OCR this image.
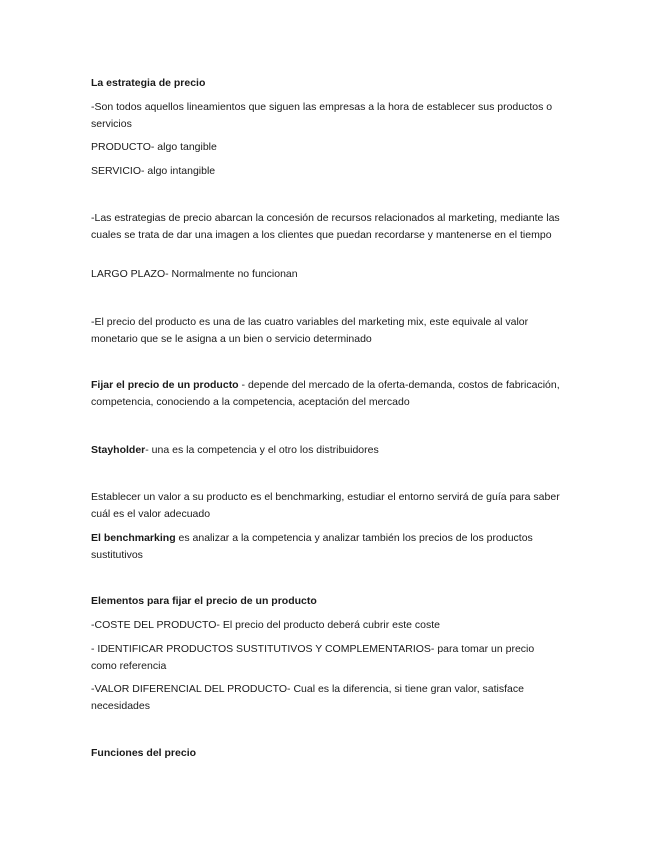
La estrategia de precio

-Son todos aquellos lineamientos que siguen las empresas a la hora de establecer sus productos o servicios

PRODUCTO- algo tangible

SERVICIO- algo intangible

-Las estrategias de precio abarcan la concesión de recursos relacionados al marketing, mediante las cuales se trata de dar una imagen a los clientes que puedan recordarse y mantenerse en el tiempo

LARGO PLAZO- Normalmente no funcionan

-El precio del producto es una de las cuatro variables del marketing mix, este equivale al valor monetario que se le asigna a un bien o servicio determinado

Fijar el precio de un producto - depende del mercado de la oferta-demanda, costos de fabricación, competencia, conociendo a la competencia, aceptación del mercado

Stayholder- una es la competencia y el otro los distribuidores

Establecer un valor a su producto es el benchmarking, estudiar el entorno servirá de guía para saber cuál es el valor adecuado

El benchmarking es analizar a la competencia y analizar también los precios de los productos sustitutivos

Elementos para fijar el precio de un producto

-COSTE DEL PRODUCTO- El precio del producto deberá cubrir este coste

- IDENTIFICAR PRODUCTOS SUSTITUTIVOS Y COMPLEMENTARIOS- para tomar un precio como referencia

-VALOR DIFERENCIAL DEL PRODUCTO- Cual es la diferencia, si tiene gran valor, satisface necesidades

Funciones del precio
